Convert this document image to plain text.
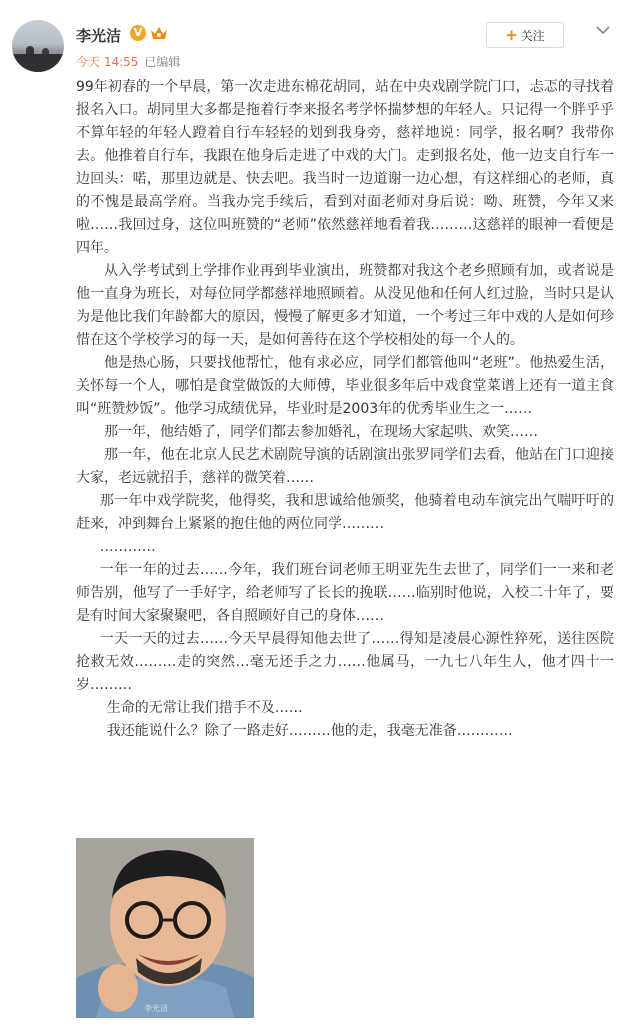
李光洁	V
今天 14:55 已编辑
+ 关注

99年初春的一个早晨，第一次走进东棉花胡同，站在中央戏剧学院门口，忐忑的寻找着报名入口。胡同里大多都是拖着行李来报名考学怀揣梦想的年轻人。只记得一个胖乎乎不算年轻的年轻人蹬着自行车轻轻的划到我身旁，慈祥地说：同学，报名啊？我带你去。他推着自行车，我跟在他身后走进了中戏的大门。走到报名处，他一边支自行车一边回头：喏，那里边就是、快去吧。我当时一边道谢一边心想，有这样细心的老师，真的不愧是最高学府。当我办完手续后，看到对面老师对身后说：呦、班赞，今年又来啦……我回过身，这位叫班赞的“老师”依然慈祥地看着我………这慈祥的眼神一看便是四年。

从入学考试到上学排作业再到毕业演出，班赞都对我这个老乡照顾有加，或者说是他一直身为班长，对每位同学都慈祥地照顾着。从没见他和任何人红过脸，当时只是认为是他比我们年龄都大的原因，慢慢了解更多才知道，一个考过三年中戏的人是如何珍惜在这个学校学习的每一天，是如何善待在这个学校相处的每一个人的。

他是热心肠，只要找他帮忙，他有求必应，同学们都管他叫“老班”。他热爱生活，关怀每一个人，哪怕是食堂做饭的大师傅，毕业很多年后中戏食堂菜谱上还有一道主食叫“班赞炒饭”。他学习成绩优异，毕业时是2003年的优秀毕业生之一……

那一年，他结婚了，同学们都去参加婚礼，在现场大家起哄、欢笑……

那一年，他在北京人民艺术剧院导演的话剧演出张罗同学们去看，他站在门口迎接大家，老远就招手，慈祥的微笑着……

那一年中戏学院奖，他得奖，我和思诚给他颁奖，他骑着电动车演完出气喘吁吁的赶来，冲到舞台上紧紧的抱住他的两位同学………

…………

一年一年的过去……今年，我们班台词老师王明亚先生去世了，同学们一一来和老师告别，他写了一手好字，给老师写了长长的挽联……临别时他说，入校二十年了，要是有时间大家聚聚吧，各自照顾好自己的身体……

一天一天的过去……今天早晨得知他去世了……得知是凌晨心源性猝死，送往医院抢救无效………走的突然…毫无还手之力……他属马，一九七八年生人，他才四十一岁………

生命的无常让我们措手不及……

我还能说什么？除了一路走好………他的走，我毫无准备…………

李光洁
